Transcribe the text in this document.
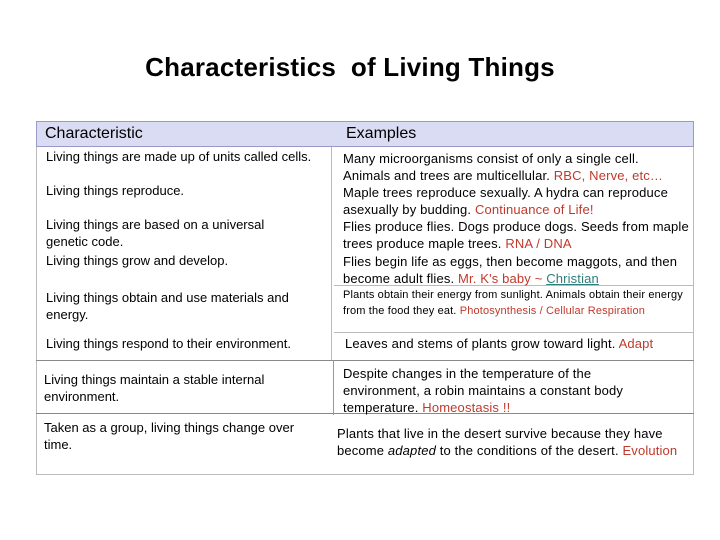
Characteristics of Living Things
Characteristic	Examples
Living things are made up of units called cells.
Living things reproduce.
Living things are based on a universal genetic code.
Living things grow and develop.
Living things obtain and use materials and energy.
Living things respond to their environment.
Living things maintain a stable internal environment.
Taken as a group, living things change over time.
Many microorganisms consist of only a single cell. Animals and trees are multicellular. RBC, Nerve, etc…
Maple trees reproduce sexually. A hydra can reproduce asexually by budding. Continuance of Life!
Flies produce flies. Dogs produce dogs. Seeds from maple trees produce maple trees. RNA / DNA
Flies begin life as eggs, then become maggots, and then become adult flies. Mr. K's baby ~ Christian
Plants obtain their energy from sunlight. Animals obtain their energy from the food they eat. Photosynthesis / Cellular Respiration
Leaves and stems of plants grow toward light. Adapt
Despite changes in the temperature of the environment, a robin maintains a constant body temperature. Homeostasis !!
Plants that live in the desert survive because they have become adapted to the conditions of the desert. Evolution
